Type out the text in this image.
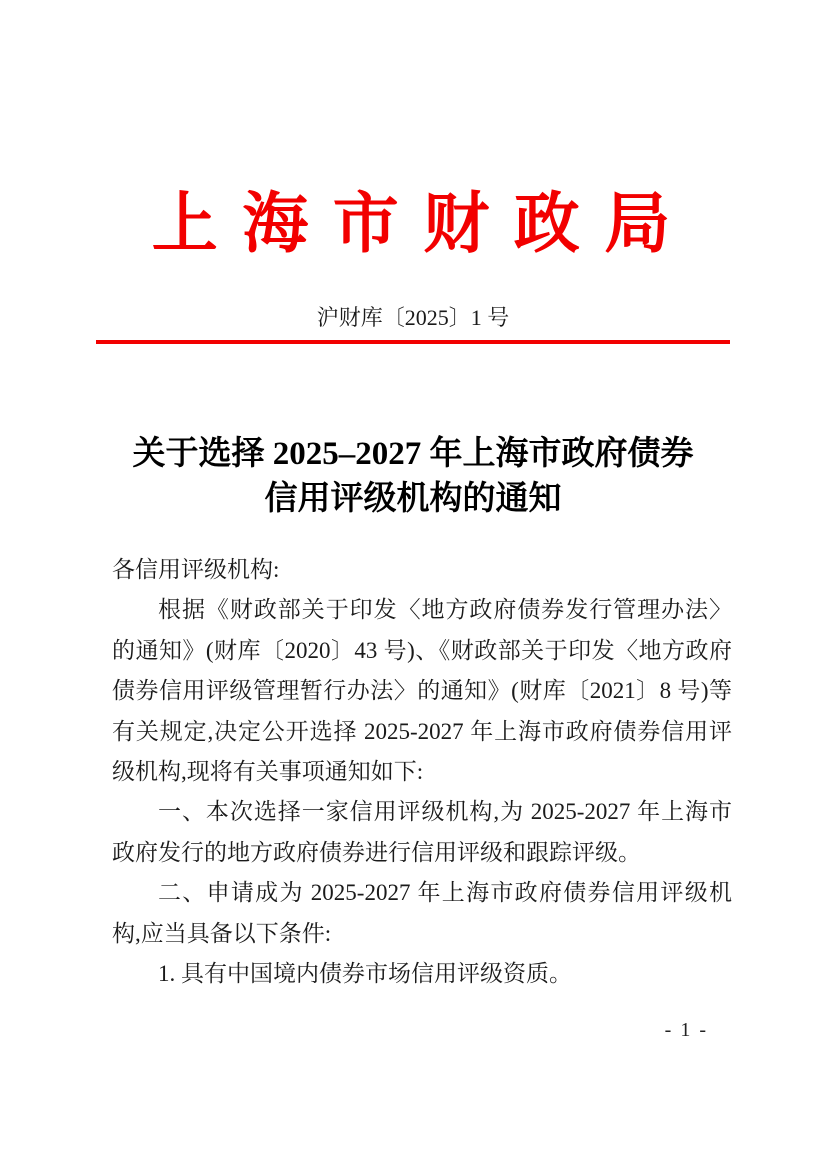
上 海 市 财 政 局
沪财库〔2025〕1 号
关于选择 2025–2027 年上海市政府债券
信用评级机构的通知

各信用评级机构:

根据《财政部关于印发〈地方政府债券发行管理办法〉的通知》(财库〔2020〕43 号)、《财政部关于印发〈地方政府债券信用评级管理暂行办法〉的通知》(财库〔2021〕8 号)等有关规定,决定公开选择 2025-2027 年上海市政府债券信用评级机构,现将有关事项通知如下:

一、本次选择一家信用评级机构,为 2025-2027 年上海市政府发行的地方政府债券进行信用评级和跟踪评级。

二、申请成为 2025-2027 年上海市政府债券信用评级机构,应当具备以下条件:

1. 具有中国境内债券市场信用评级资质。

- 1 -
